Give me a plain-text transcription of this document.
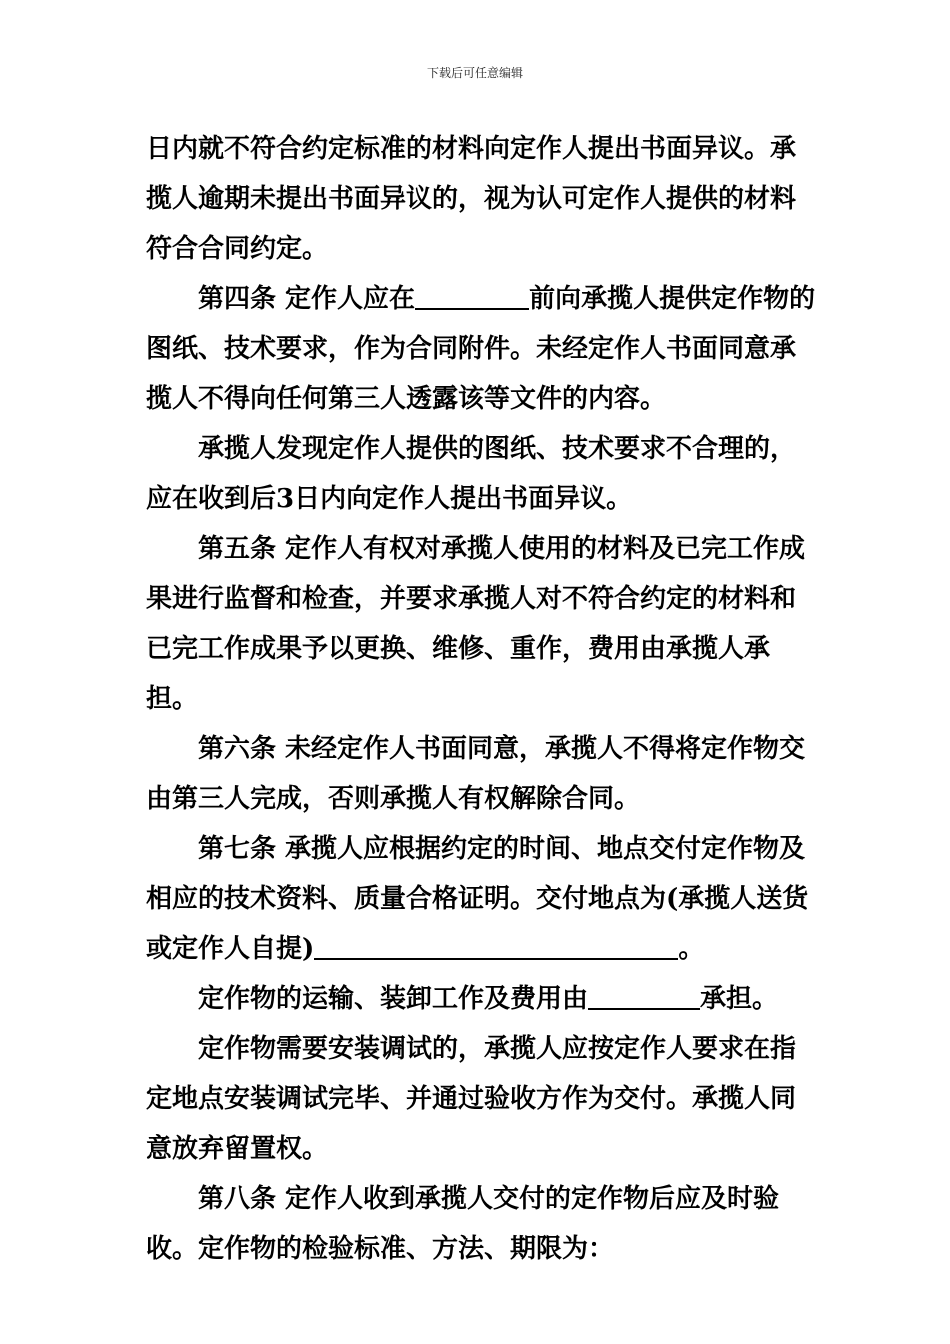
下载后可任意编辑

日内就不符合约定标准的材料向定作人提出书面异议。承揽人逾期未提出书面异议的，视为认可定作人提供的材料符合合同约定。

第四条 定作人应在	前向承揽人提供定作物的图纸、技术要求，作为合同附件。未经定作人书面同意承揽人不得向任何第三人透露该等文件的内容。

承揽人发现定作人提供的图纸、技术要求不合理的，应在收到后3日内向定作人提出书面异议。

第五条 定作人有权对承揽人使用的材料及已完工作成果进行监督和检查，并要求承揽人对不符合约定的材料和已完工作成果予以更换、维修、重作，费用由承揽人承担。

第六条 未经定作人书面同意，承揽人不得将定作物交由第三人完成，否则承揽人有权解除合同。

第七条 承揽人应根据约定的时间、地点交付定作物及相应的技术资料、质量合格证明。交付地点为(承揽人送货或定作人自提)	。

定作物的运输、装卸工作及费用由	承担。

定作物需要安装调试的，承揽人应按定作人要求在指定地点安装调试完毕、并通过验收方作为交付。承揽人同意放弃留置权。

第八条 定作人收到承揽人交付的定作物后应及时验收。定作物的检验标准、方法、期限为：
